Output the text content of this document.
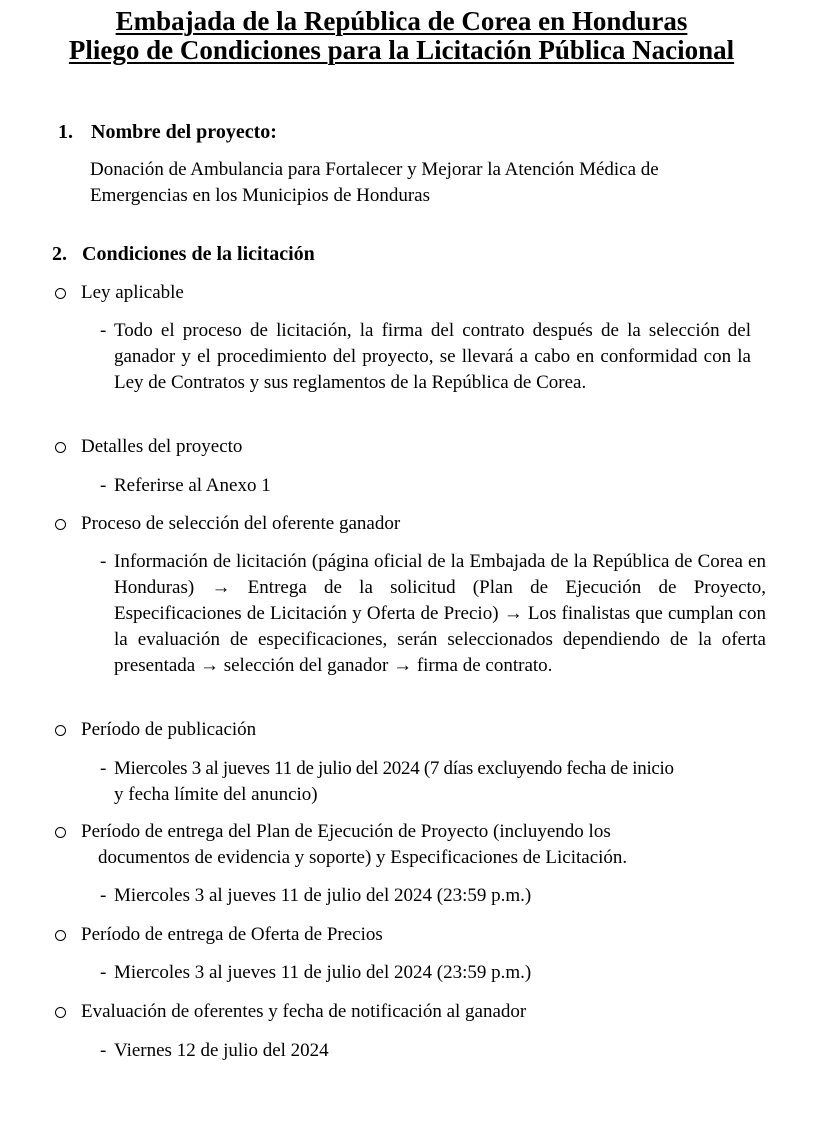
Embajada de la República de Corea en Honduras
Pliego de Condiciones para la Licitación Pública Nacional
1. Nombre del proyecto:
Donación de Ambulancia para Fortalecer y Mejorar la Atención Médica de
Emergencias en los Municipios de Honduras
2. Condiciones de la licitación
Ley aplicable
- Todo el proceso de licitación, la firma del contrato después de la selección del ganador y el procedimiento del proyecto, se llevará a cabo en conformidad con la Ley de Contratos y sus reglamentos de la República de Corea.
Detalles del proyecto
- Referirse al Anexo 1
Proceso de selección del oferente ganador
- Información de licitación (página oficial de la Embajada de la República de Corea en Honduras) → Entrega de la solicitud (Plan de Ejecución de Proyecto, Especificaciones de Licitación y Oferta de Precio) → Los finalistas que cumplan con la evaluación de especificaciones, serán seleccionados dependiendo de la oferta presentada → selección del ganador → firma de contrato.
Período de publicación
- Miercoles 3 al jueves 11 de julio del 2024 (7 días excluyendo fecha de inicio
y fecha límite del anuncio)
Período de entrega del Plan de Ejecución de Proyecto (incluyendo los
documentos de evidencia y soporte) y Especificaciones de Licitación.
- Miercoles 3 al jueves 11 de julio del 2024 (23:59 p.m.)
Período de entrega de Oferta de Precios
- Miercoles 3 al jueves 11 de julio del 2024 (23:59 p.m.)
Evaluación de oferentes y fecha de notificación al ganador
- Viernes 12 de julio del 2024
